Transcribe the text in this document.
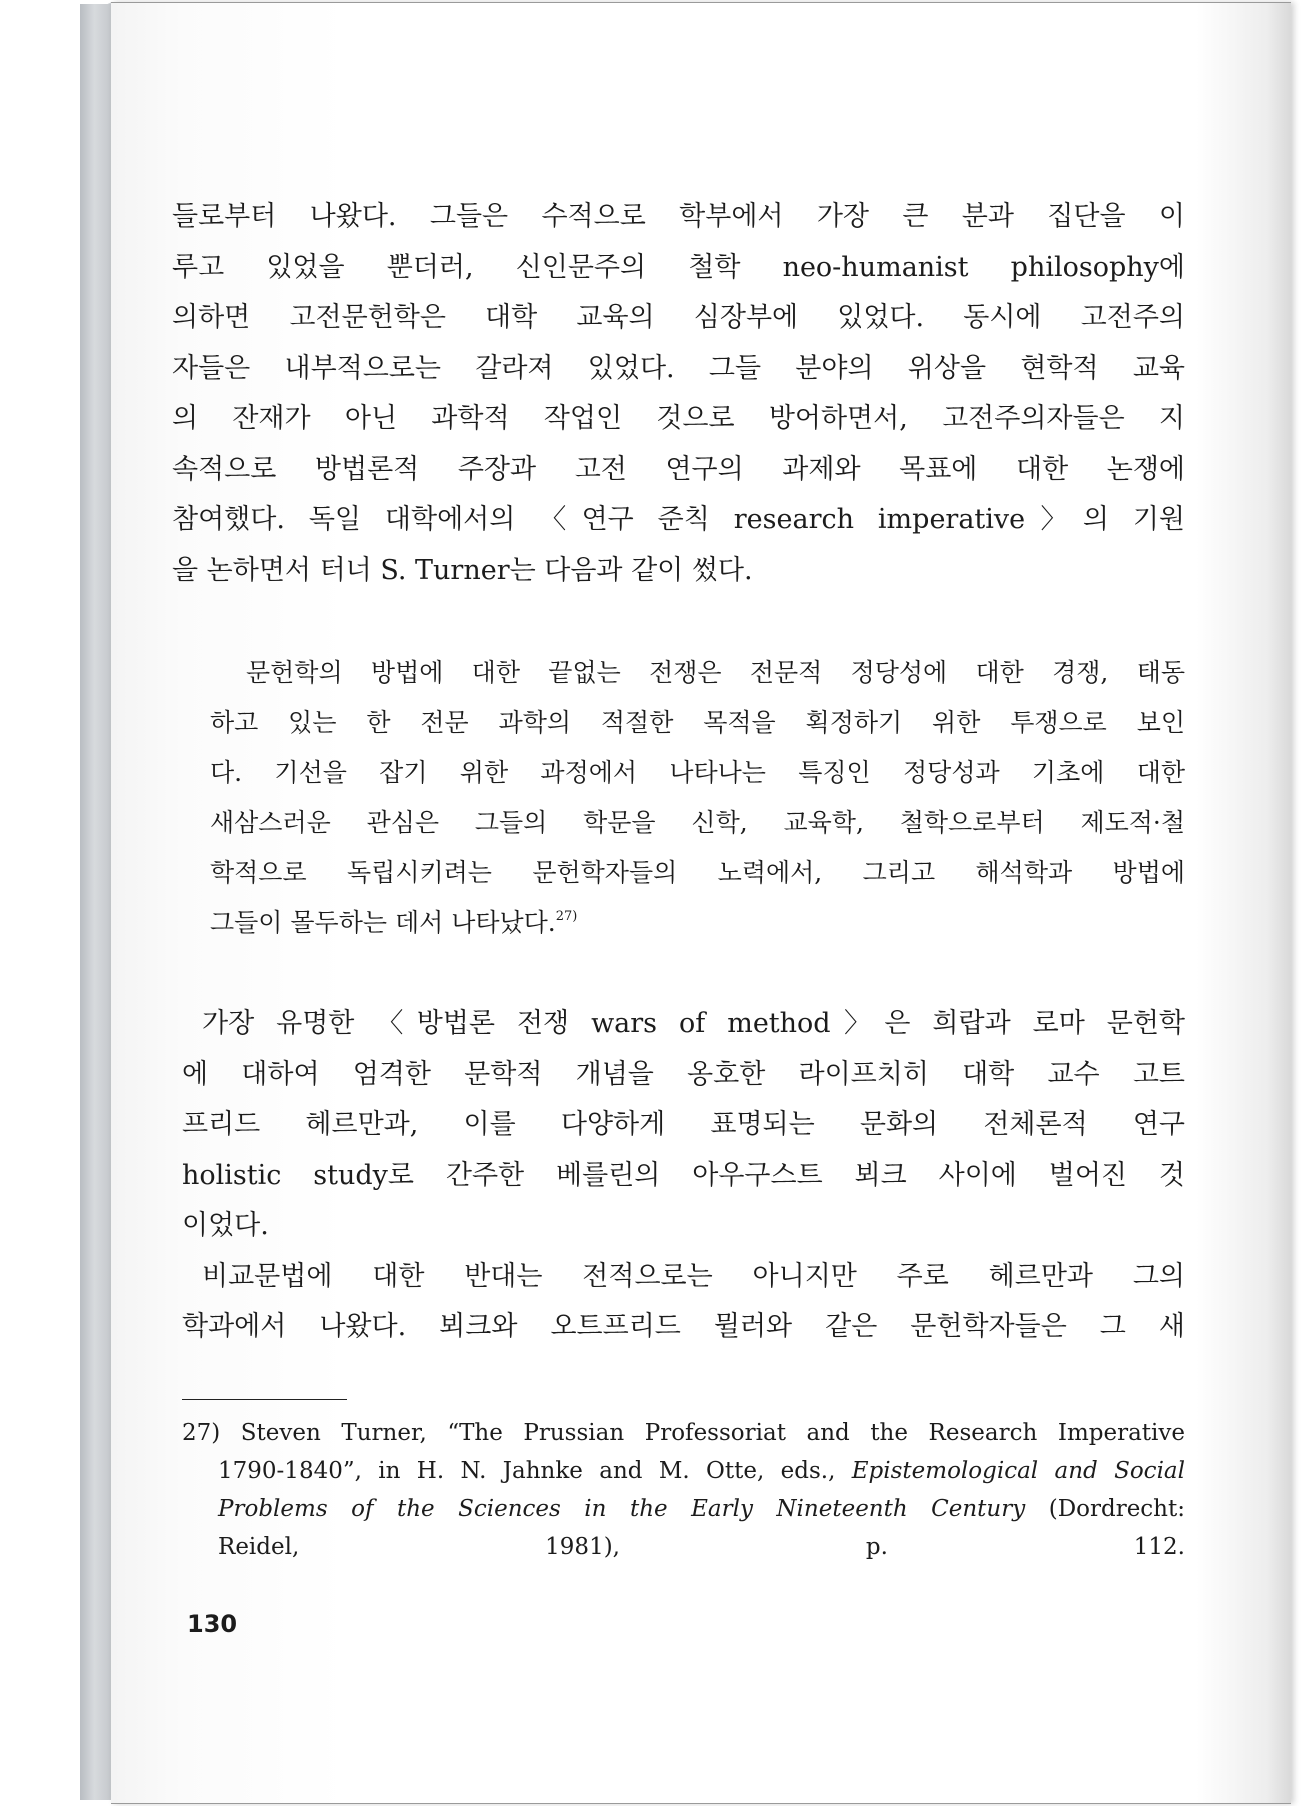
들로부터 나왔다. 그들은 수적으로 학부에서 가장 큰 분과 집단을 이
루고 있었을 뿐더러, 신인문주의 철학 neo-humanist philosophy에
의하면 고전문헌학은 대학 교육의 심장부에 있었다. 동시에 고전주의
자들은 내부적으로는 갈라져 있었다. 그들 분야의 위상을 현학적 교육
의 잔재가 아닌 과학적 작업인 것으로 방어하면서, 고전주의자들은 지
속적으로 방법론적 주장과 고전 연구의 과제와 목표에 대한 논쟁에
참여했다. 독일 대학에서의 〈연구 준칙 research imperative〉의 기원
을 논하면서 터너 S. Turner는 다음과 같이 썼다.
문헌학의 방법에 대한 끝없는 전쟁은 전문적 정당성에 대한 경쟁, 태동
하고 있는 한 전문 과학의 적절한 목적을 획정하기 위한 투쟁으로 보인
다. 기선을 잡기 위한 과정에서 나타나는 특징인 정당성과 기초에 대한
새삼스러운 관심은 그들의 학문을 신학, 교육학, 철학으로부터 제도적·철
학적으로 독립시키려는 문헌학자들의 노력에서, 그리고 해석학과 방법에
그들이 몰두하는 데서 나타났다.$^{27)}$
가장 유명한 〈방법론 전쟁 wars of method〉은 희랍과 로마 문헌학
에 대하여 엄격한 문학적 개념을 옹호한 라이프치히 대학 교수 고트
프리드 헤르만과, 이를 다양하게 표명되는 문화의 전체론적 연구
holistic study로 간주한 베를린의 아우구스트 뵈크 사이에 벌어진 것
이었다.
비교문법에 대한 반대는 전적으로는 아니지만 주로 헤르만과 그의
학과에서 나왔다. 뵈크와 오트프리드 뮐러와 같은 문헌학자들은 그 새
27) Steven Turner, “The Prussian Professoriat and the Research Imperative
1790-1840”, in H. N. Jahnke and M. Otte, eds., Epistemological and Social
Problems of the Sciences in the Early Nineteenth Century (Dordrecht:
Reidel, 1981), p. 112.
130
